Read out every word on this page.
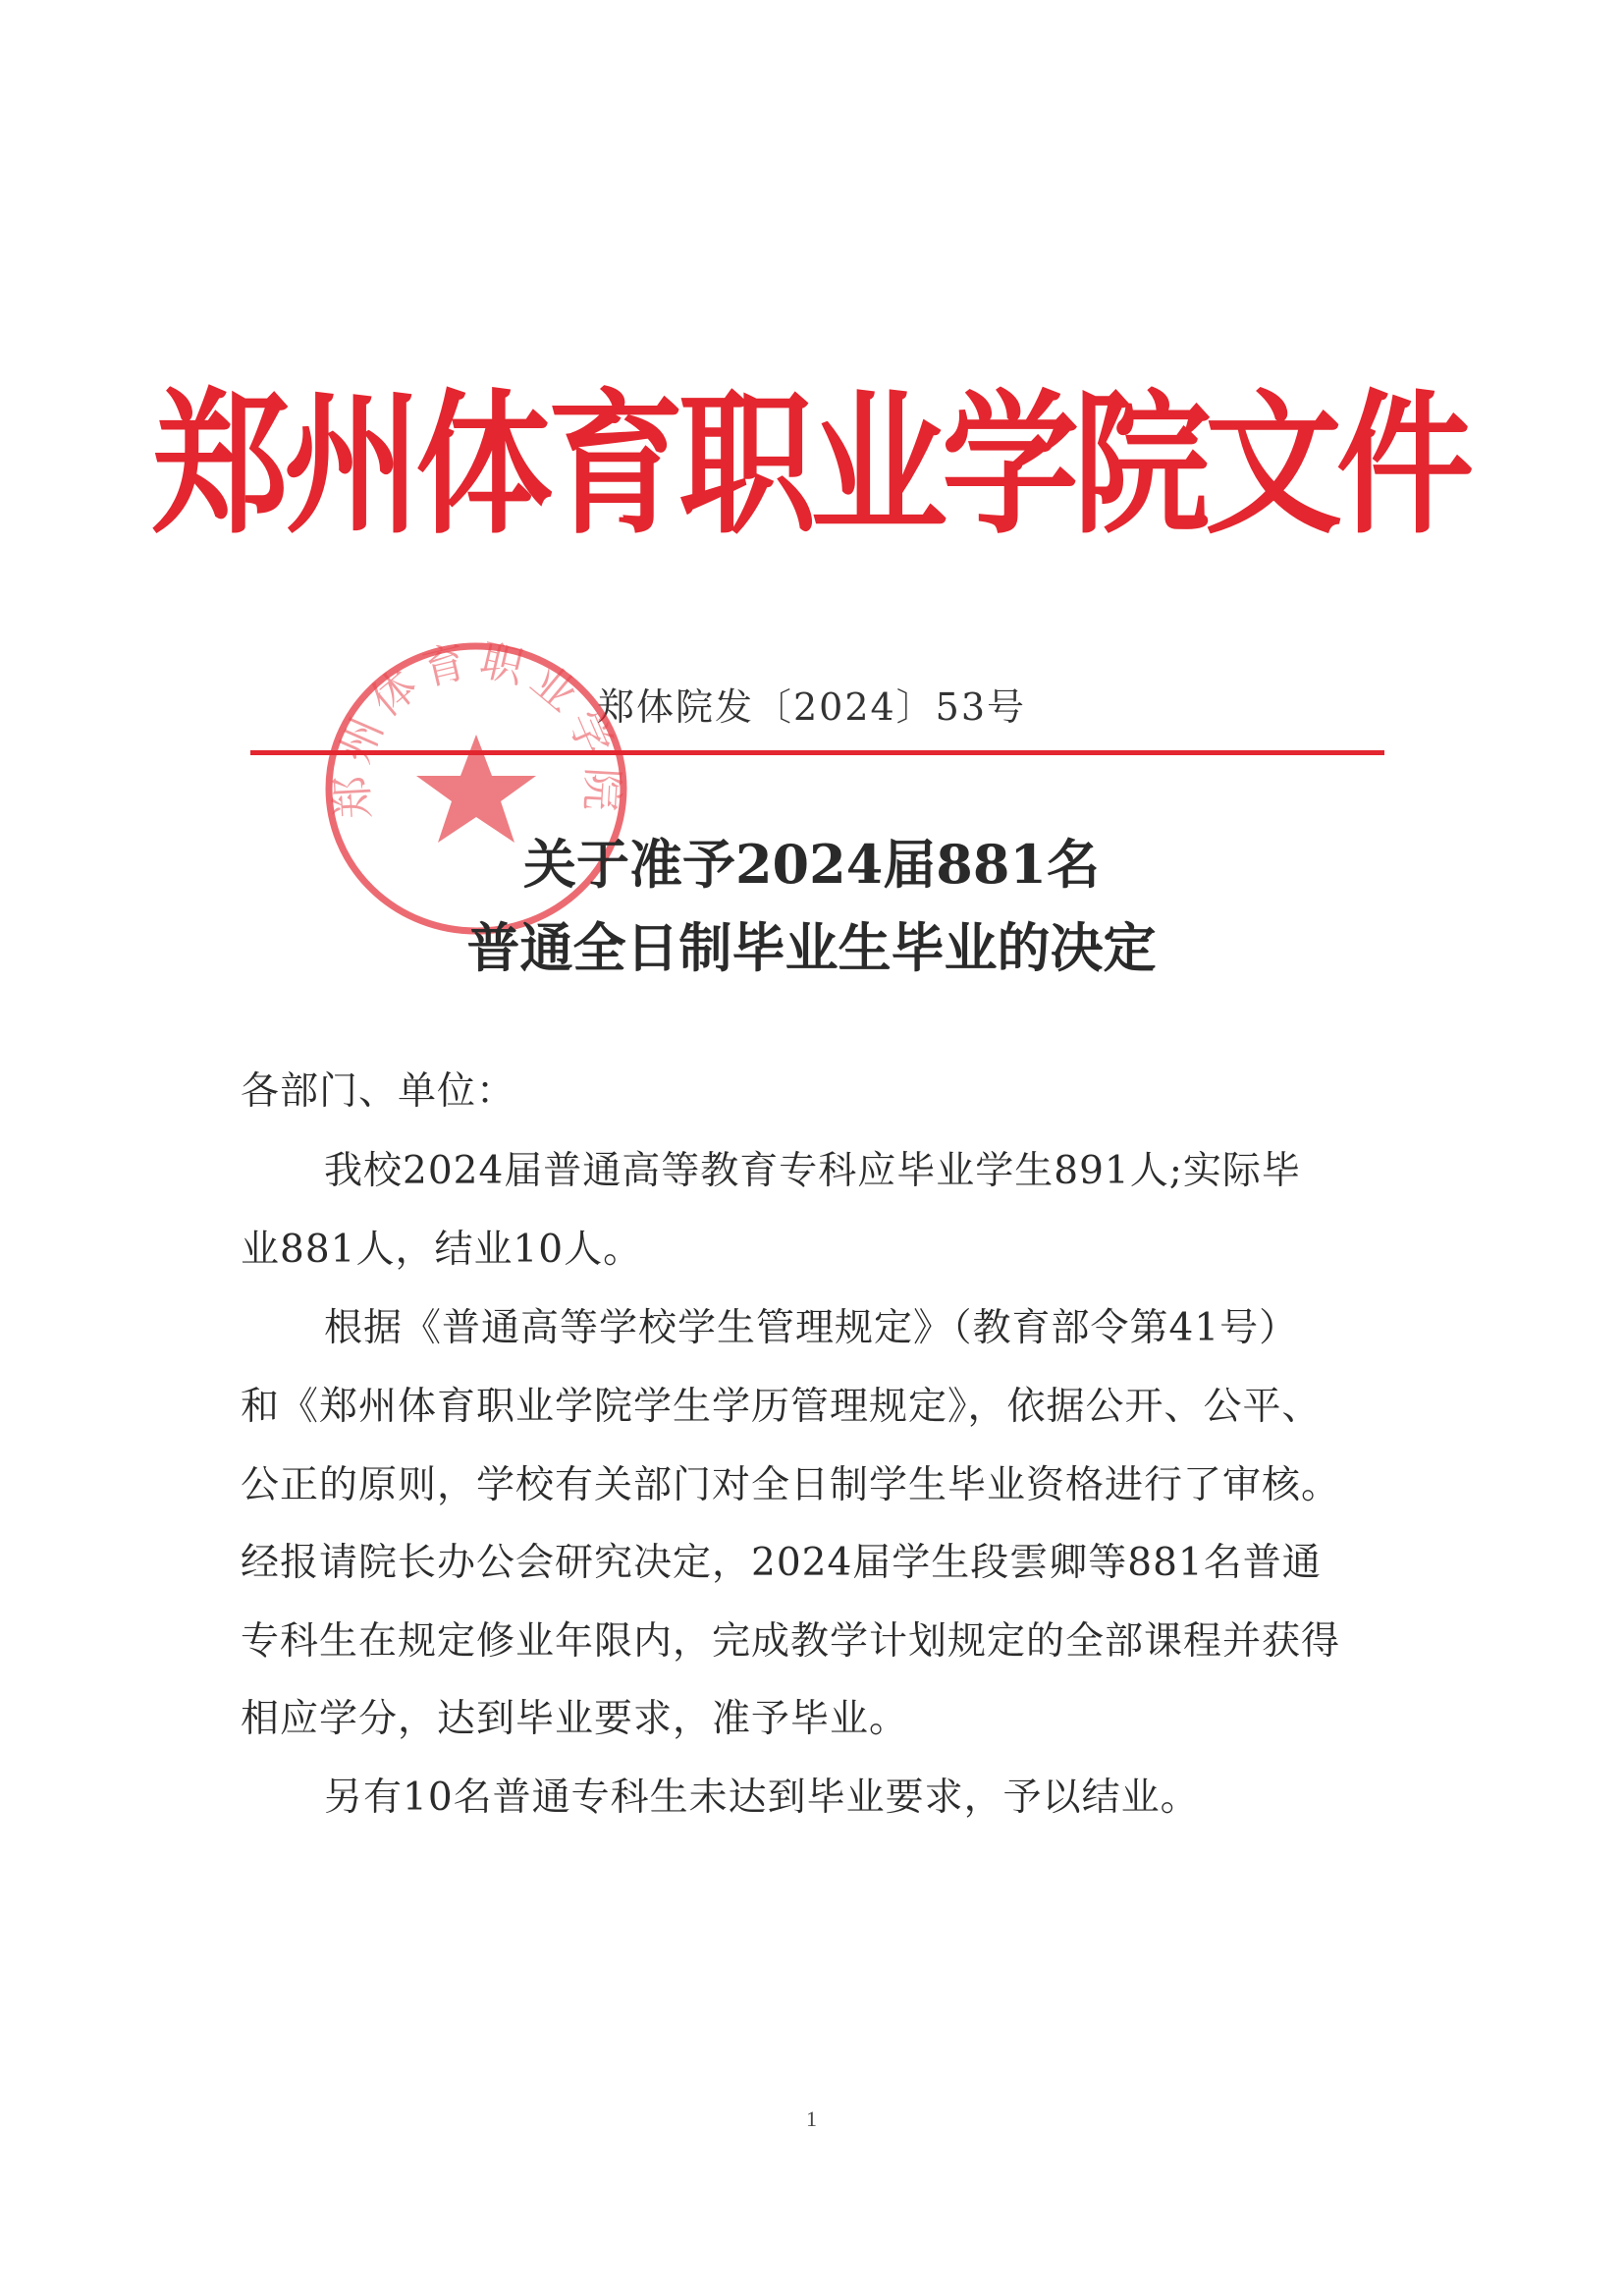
郑州体育职业学院文件
郑体院发〔2024〕53号
郑州体育职业学院
关于准予2024届881名
普通全日制毕业生毕业的决定
各部门、单位：
我校2024届普通高等教育专科应毕业学生891人;实际毕
业881人，结业10人。
根据《普通高等学校学生管理规定》（教育部令第41号）
和《郑州体育职业学院学生学历管理规定》，依据公开、公平、
公正的原则，学校有关部门对全日制学生毕业资格进行了审核。
经报请院长办公会研究决定，2024届学生段雲卿等881名普通
专科生在规定修业年限内，完成教学计划规定的全部课程并获得
相应学分，达到毕业要求，准予毕业。
另有10名普通专科生未达到毕业要求，予以结业。
1
